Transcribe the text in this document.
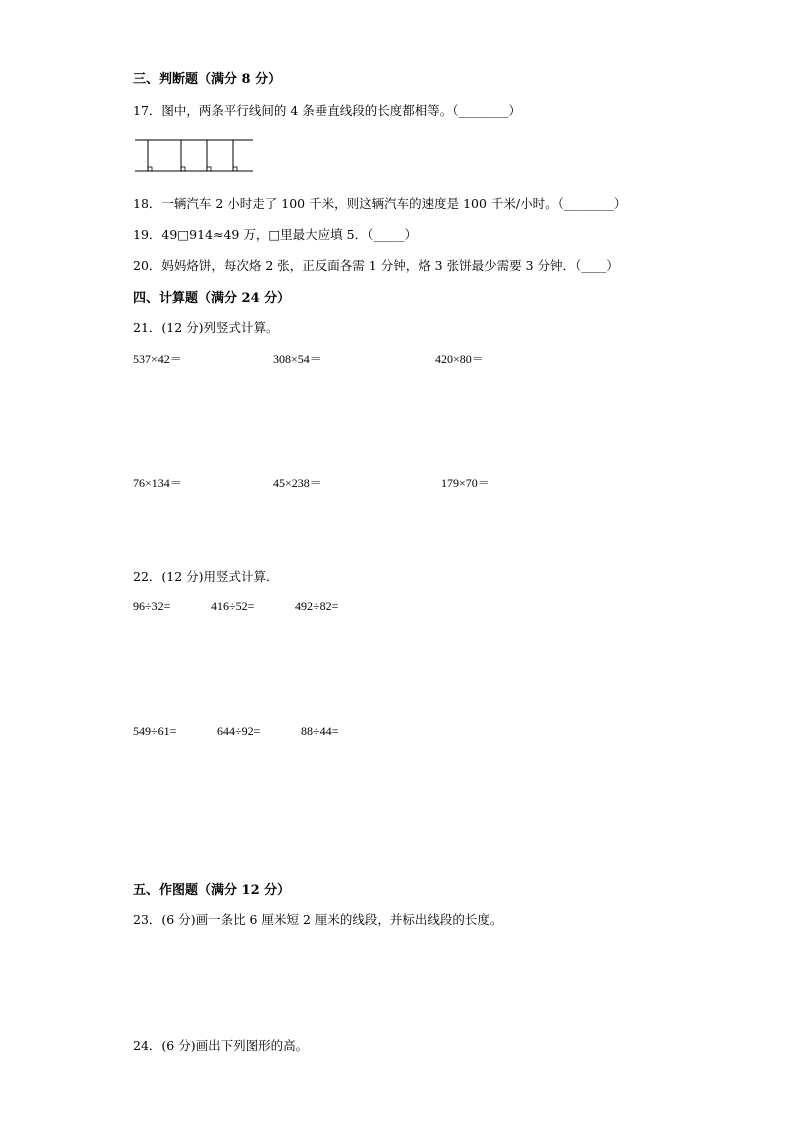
三、判断题（满分 8 分）
17．图中，两条平行线间的 4 条垂直线段的长度都相等。（________）
18．一辆汽车 2 小时走了 100 千米，则这辆汽车的速度是 100 千米/小时。（________）
19．49□914≈49 万，□里最大应填 5．（_____）
20．妈妈烙饼，每次烙 2 张，正反面各需 1 分钟，烙 3 张饼最少需要 3 分钟．（____）
四、计算题（满分 24 分）
21．(12 分)列竖式计算。
537×42＝	308×54＝	420×80＝
76×134＝	45×238＝	179×70＝
22．(12 分)用竖式计算．
96÷32=	416÷52=	492÷82=
549÷61=	644÷92=	88÷44=
五、作图题（满分 12 分）
23．(6 分)画一条比 6 厘米短 2 厘米的线段，并标出线段的长度。
24．(6 分)画出下列图形的高。
